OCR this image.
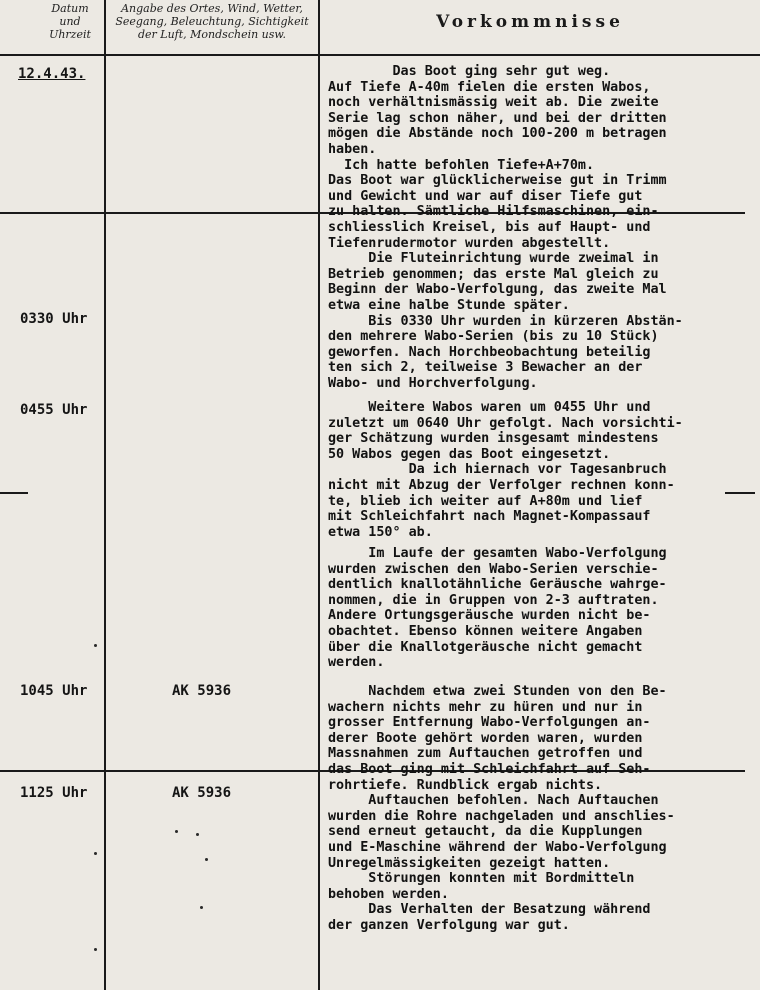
Datum
und
Uhrzeit
Angabe des Ortes, Wind, Wetter,
Seegang, Beleuchtung, Sichtigkeit
der Luft, Mondschein usw.
Vorkommnisse
12.4.43.
0330 Uhr
0455 Uhr
1045 Uhr	AK 5936
1125 Uhr	AK 5936
Das Boot ging sehr gut weg.
Auf Tiefe A-40m fielen die ersten Wabos,
noch verhältnismässig weit ab. Die zweite
Serie lag schon näher, und bei der dritten
mögen die Abstände noch 100-200 m betragen
haben.
Ich hatte befohlen Tiefe+A+70m.
Das Boot war glücklicherweise gut in Trimm
und Gewicht und war auf diser Tiefe gut
zu halten. Sämtliche Hilfsmaschinen, ein-
schliesslich Kreisel, bis auf Haupt- und
Tiefenrudermotor wurden abgestellt.
Die Fluteinrichtung wurde zweimal in
Betrieb genommen; das erste Mal gleich zu
Beginn der Wabo-Verfolgung, das zweite Mal
etwa eine halbe Stunde später.
Bis 0330 Uhr wurden in kürzeren Abstän-
den mehrere Wabo-Serien (bis zu 10 Stück)
geworfen. Nach Horchbeobachtung beteilig
ten sich 2, teilweise 3 Bewacher an der
Wabo- und Horchverfolgung.
Weitere Wabos waren um 0455 Uhr und
zuletzt um 0640 Uhr gefolgt. Nach vorsichti-
ger Schätzung wurden insgesamt mindestens
50 Wabos gegen das Boot eingesetzt.
Da ich hiernach vor Tagesanbruch
nicht mit Abzug der Verfolger rechnen konn-
te, blieb ich weiter auf A+80m und lief
mit Schleichfahrt nach Magnet-Kompassauf
etwa 150° ab.
Im Laufe der gesamten Wabo-Verfolgung
wurden zwischen den Wabo-Serien verschie-
dentlich knallotähnliche Geräusche wahrge-
nommen, die in Gruppen von 2-3 auftraten.
Andere Ortungsgeräusche wurden nicht be-
obachtet. Ebenso können weitere Angaben
über die Knallotgeräusche nicht gemacht
werden.
Nachdem etwa zwei Stunden von den Be-
wachern nichts mehr zu hüren und nur in
grosser Entfernung Wabo-Verfolgungen an-
derer Boote gehört worden waren, wurden
Massnahmen zum Auftauchen getroffen und
das Boot ging mit Schleichfahrt auf Seh-
rohrtiefe. Rundblick ergab nichts.
Auftauchen befohlen. Nach Auftauchen
wurden die Rohre nachgeladen und anschlies-
send erneut getaucht, da die Kupplungen
und E-Maschine während der Wabo-Verfolgung
Unregelmässigkeiten gezeigt hatten.
Störungen konnten mit Bordmitteln
behoben werden.
Das Verhalten der Besatzung während
der ganzen Verfolgung war gut.
